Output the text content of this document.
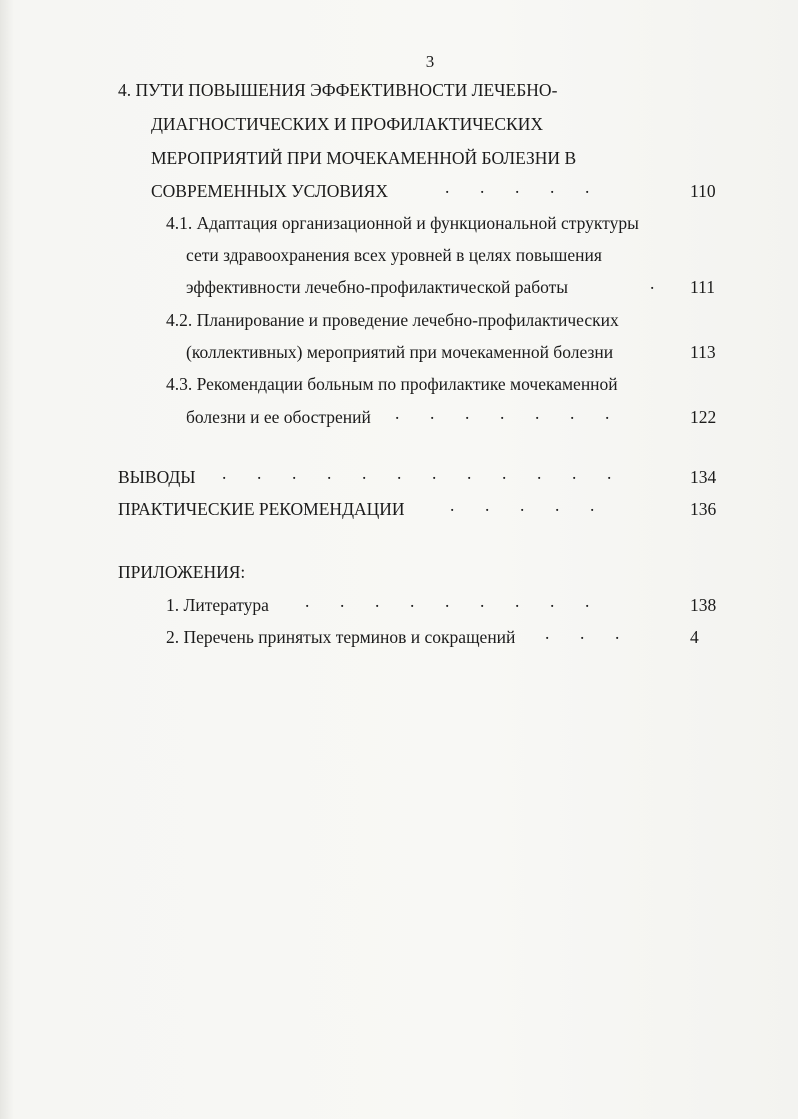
3
4. ПУТИ ПОВЫШЕНИЯ ЭФФЕКТИВНОСТИ ЛЕЧЕБНО-
ДИАГНОСТИЧЕСКИХ И ПРОФИЛАКТИЧЕСКИХ
МЕРОПРИЯТИЙ ПРИ МОЧЕКАМЕННОЙ БОЛЕЗНИ В
СОВРЕМЕННЫХ УСЛОВИЯХ	.       .       .       .       .	110
4.1. Адаптация организационной и функциональной структуры
сети здравоохранения всех уровней в целях повышения
эффективности лечебно-профилактической работы	. 111
4.2. Планирование и проведение лечебно-профилактических
(коллективных) мероприятий при мочекаменной болезни	113
4.3. Рекомендации больным по профилактике мочекаменной
болезни и ее обострений .       .       .       .       .       .       .	122
ВЫВОДЫ .       .       .       .       .       .       .       .       .       .       .       .	134
ПРАКТИЧЕСКИЕ РЕКОМЕНДАЦИИ	.       .       .       .       .	136
ПРИЛОЖЕНИЯ:
1. Литература .       .       .       .       .       .       .       .       .	138
2. Перечень принятых терминов и сокращений .       .       .	4
